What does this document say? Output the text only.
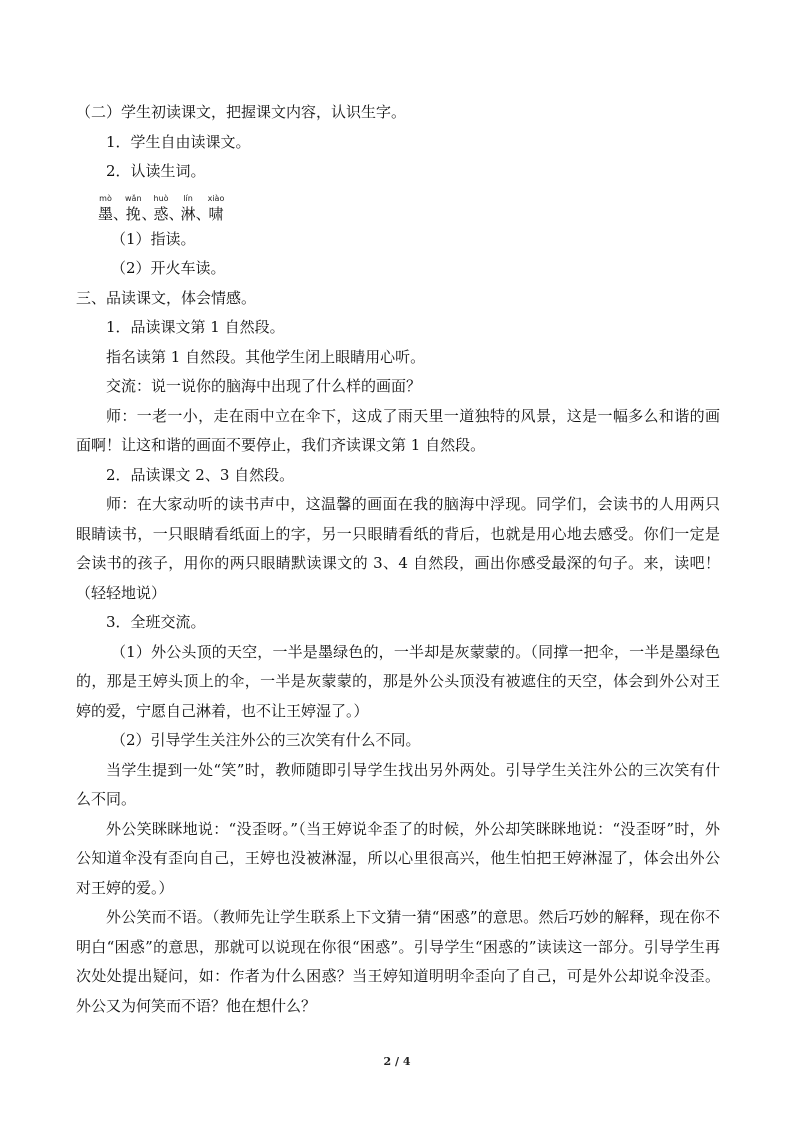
（二）学生初读课文，把握课文内容，认识生字。

1．学生自由读课文。

2．认读生词。

mò
墨 、
wǎn
挽 、
huò
惑 、
lín
淋 、
xiào
啸

（1）指读。

（2）开火车读。

三、品读课文，体会情感。

1．品读课文第 1 自然段。

指名读第 1 自然段。其他学生闭上眼睛用心听。

交流：说一说你的脑海中出现了什么样的画面？

师：一老一小，走在雨中立在伞下，这成了雨天里一道独特的风景，这是一幅多么和谐的画面啊！让这和谐的画面不要停止，我们齐读课文第 1 自然段。

2．品读课文 2、3 自然段。

师：在大家动听的读书声中，这温馨的画面在我的脑海中浮现。同学们，会读书的人用两只眼睛读书，一只眼睛看纸面上的字，另一只眼睛看纸的背后，也就是用心地去感受。你们一定是会读书的孩子，用你的两只眼睛默读课文的 3、4 自然段，画出你感受最深的句子。来，读吧！（轻轻地说）

3．全班交流。

（1）外公头顶的天空，一半是墨绿色的，一半却是灰蒙蒙的。（同撑一把伞，一半是墨绿色的，那是王婷头顶上的伞，一半是灰蒙蒙的，那是外公头顶没有被遮住的天空，体会到外公对王婷的爱，宁愿自己淋着，也不让王婷湿了。）

（2）引导学生关注外公的三次笑有什么不同。

当学生提到一处“笑”时，教师随即引导学生找出另外两处。引导学生关注外公的三次笑有什么不同。

外公笑眯眯地说：“没歪呀。”（当王婷说伞歪了的时候，外公却笑眯眯地说：“没歪呀”时，外公知道伞没有歪向自己，王婷也没被淋湿，所以心里很高兴，他生怕把王婷淋湿了，体会出外公对王婷的爱。）

外公笑而不语。（教师先让学生联系上下文猜一猜“困惑”的意思。然后巧妙的解释，现在你不明白“困惑”的意思，那就可以说现在你很“困惑”。引导学生“困惑的”读读这一部分。引导学生再次处处提出疑问，如：作者为什么困惑？当王婷知道明明伞歪向了自己，可是外公却说伞没歪。外公又为何笑而不语？他在想什么？

2 / 4
